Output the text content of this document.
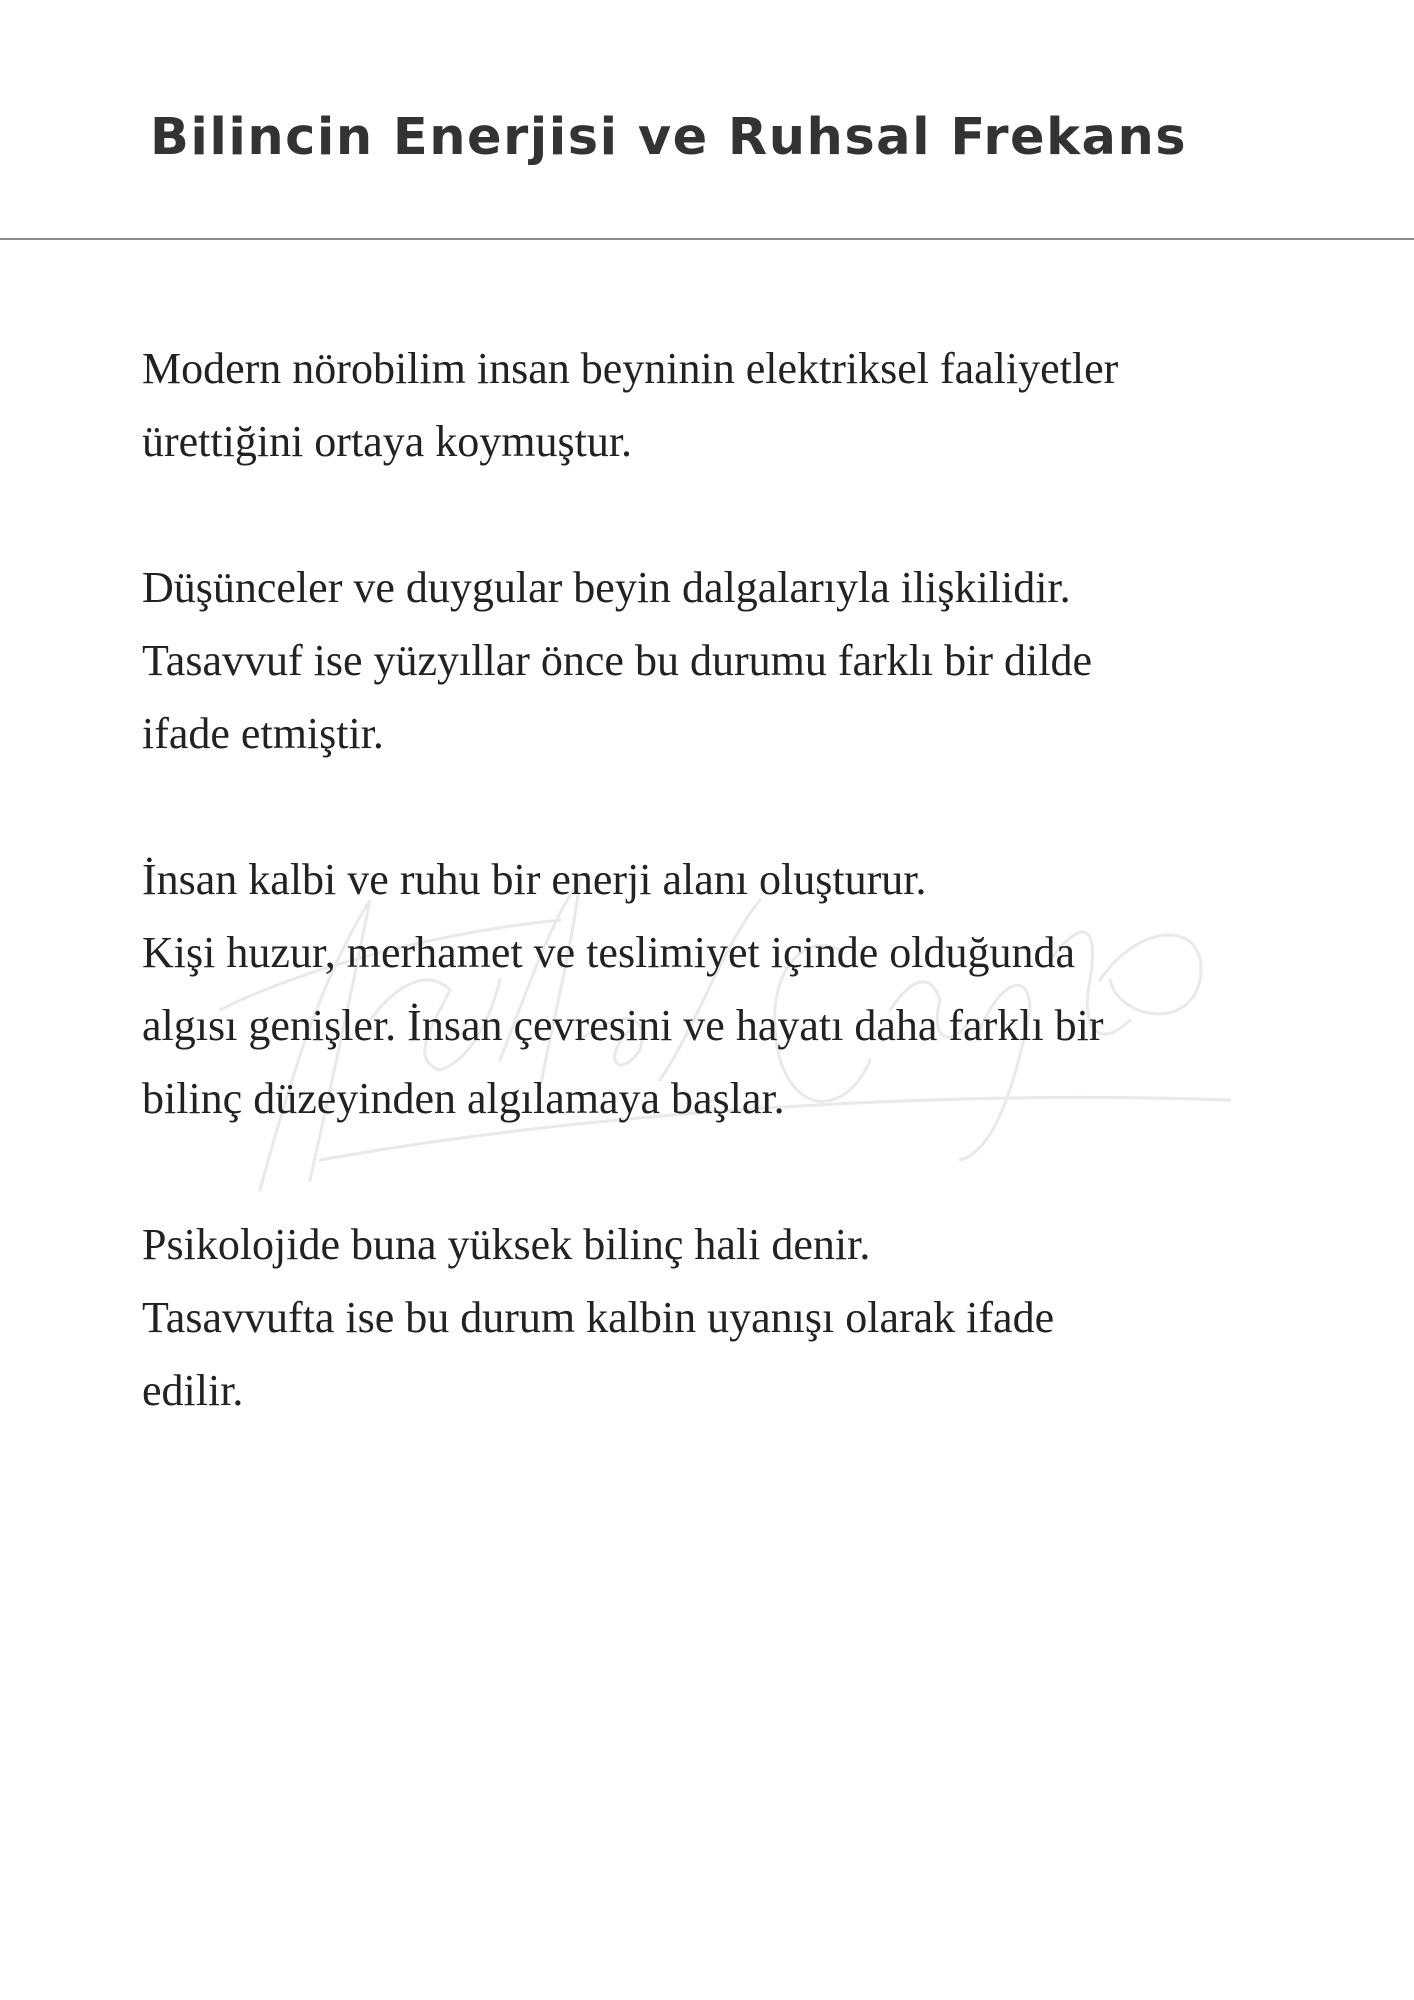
Bilincin Enerjisi ve Ruhsal Frekans

Modern nörobilim insan beyninin elektriksel faaliyetler
ürettiğini ortaya koymuştur.

Düşünceler ve duygular beyin dalgalarıyla ilişkilidir.
Tasavvuf ise yüzyıllar önce bu durumu farklı bir dilde
ifade etmiştir.

İnsan kalbi ve ruhu bir enerji alanı oluşturur.
Kişi huzur, merhamet ve teslimiyet içinde olduğunda
algısı genişler. İnsan çevresini ve hayatı daha farklı bir
bilinç düzeyinden algılamaya başlar.

Psikolojide buna yüksek bilinç hali denir.
Tasavvufta ise bu durum kalbin uyanışı olarak ifade
edilir.
